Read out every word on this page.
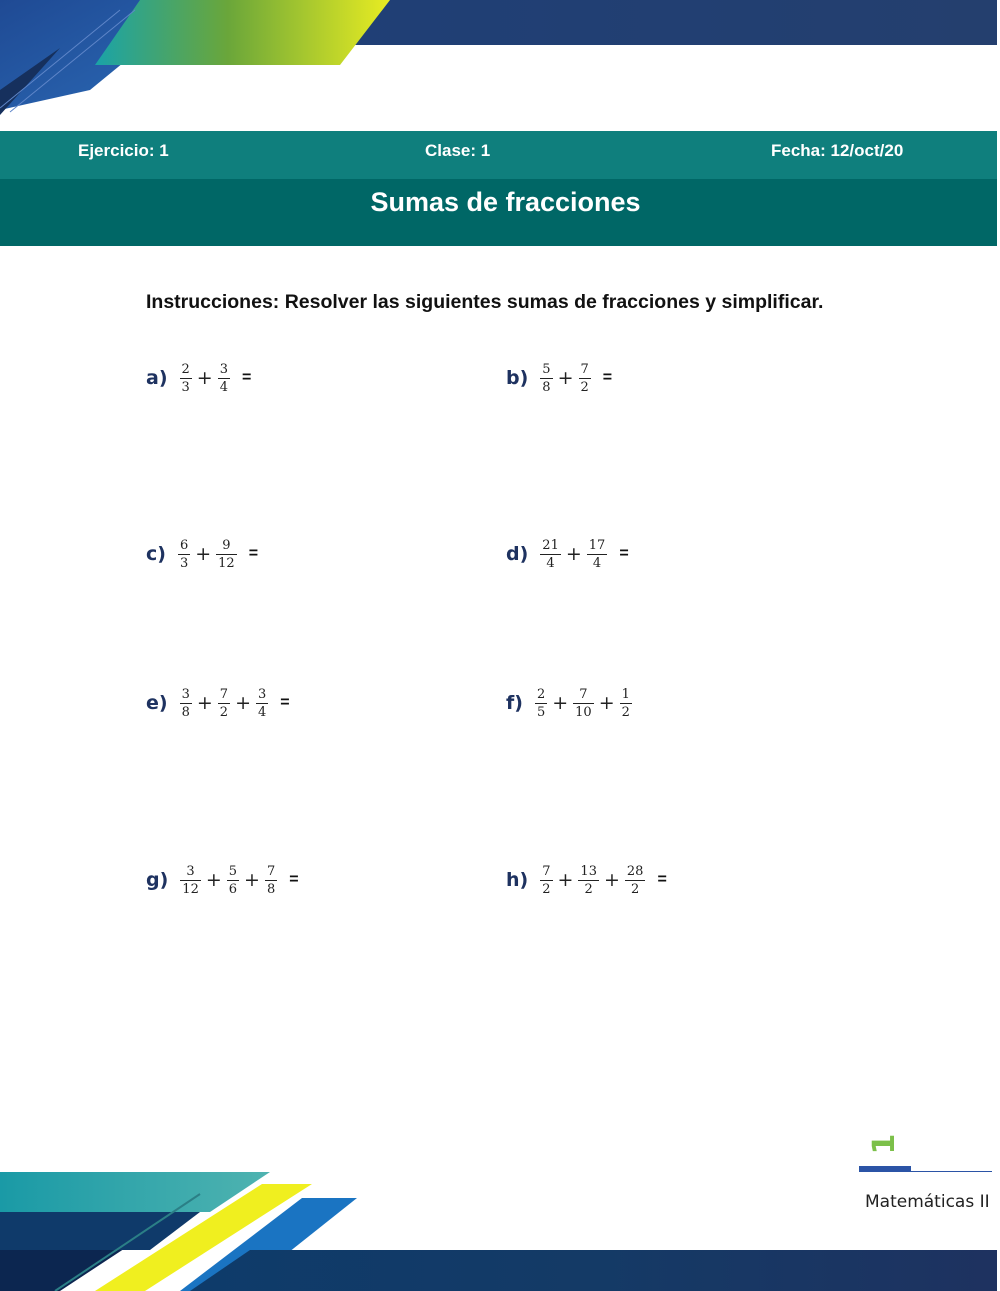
Ejercicio: 1	Clase: 1	Fecha: 12/oct/20
Sumas de fracciones
Instrucciones: Resolver las siguientes sumas de fracciones y simplificar.
$a) \frac{2}{3} + \frac{3}{4}$ =	$b) \frac{5}{8} + \frac{7}{2}$ =
$c) \frac{6}{3} + \frac{9}{12}$ =	$d) \frac{21}{4} + \frac{17}{4}$ =
$e) \frac{3}{8} + \frac{7}{2} + \frac{3}{4}$ =	$f) \frac{2}{5} + \frac{7}{10} + \frac{1}{2}$
$g) \frac{3}{12} + \frac{5}{6} + \frac{7}{8}$ =	$h) \frac{7}{2} + \frac{13}{2} + \frac{28}{2}$ =
1
Matemáticas II
